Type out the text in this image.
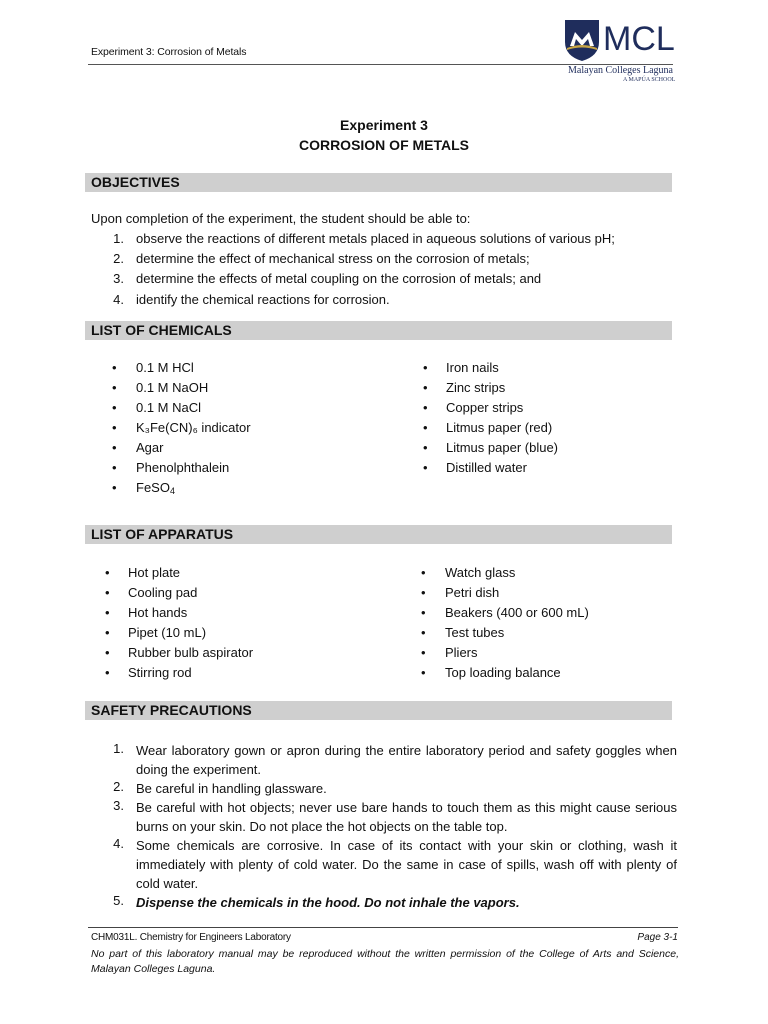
Experiment 3: Corrosion of Metals	MCL
Malayan Colleges Laguna
A MAPÚA SCHOOL
Experiment 3
CORROSION OF METALS
OBJECTIVES
Upon completion of the experiment, the student should be able to:
1. observe the reactions of different metals placed in aqueous solutions of various pH;
2. determine the effect of mechanical stress on the corrosion of metals;
3. determine the effects of metal coupling on the corrosion of metals; and
4. identify the chemical reactions for corrosion.
LIST OF CHEMICALS
• 0.1 M HCl
• 0.1 M NaOH
• 0.1 M NaCl
• K₃Fe(CN)₆ indicator
• Agar
• Phenolphthalein
• FeSO$_4$
• Iron nails
• Zinc strips
• Copper strips
• Litmus paper (red)
• Litmus paper (blue)
• Distilled water
LIST OF APPARATUS
• Hot plate
• Cooling pad
• Hot hands
• Pipet (10 mL)
• Rubber bulb aspirator
• Stirring rod
• Watch glass
• Petri dish
• Beakers (400 or 600 mL)
• Test tubes
• Pliers
• Top loading balance
SAFETY PRECAUTIONS
1. Wear laboratory gown or apron during the entire laboratory period and safety goggles when doing the experiment.
2. Be careful in handling glassware.
3. Be careful with hot objects; never use bare hands to touch them as this might cause serious burns on your skin. Do not place the hot objects on the table top.
4. Some chemicals are corrosive. In case of its contact with your skin or clothing, wash it immediately with plenty of cold water. Do the same in case of spills, wash off with plenty of cold water.
5. Dispense the chemicals in the hood. Do not inhale the vapors.
CHM031L. Chemistry for Engineers Laboratory	Page 3-1
No part of this laboratory manual may be reproduced without the written permission of the College of Arts and Science, Malayan Colleges Laguna.
